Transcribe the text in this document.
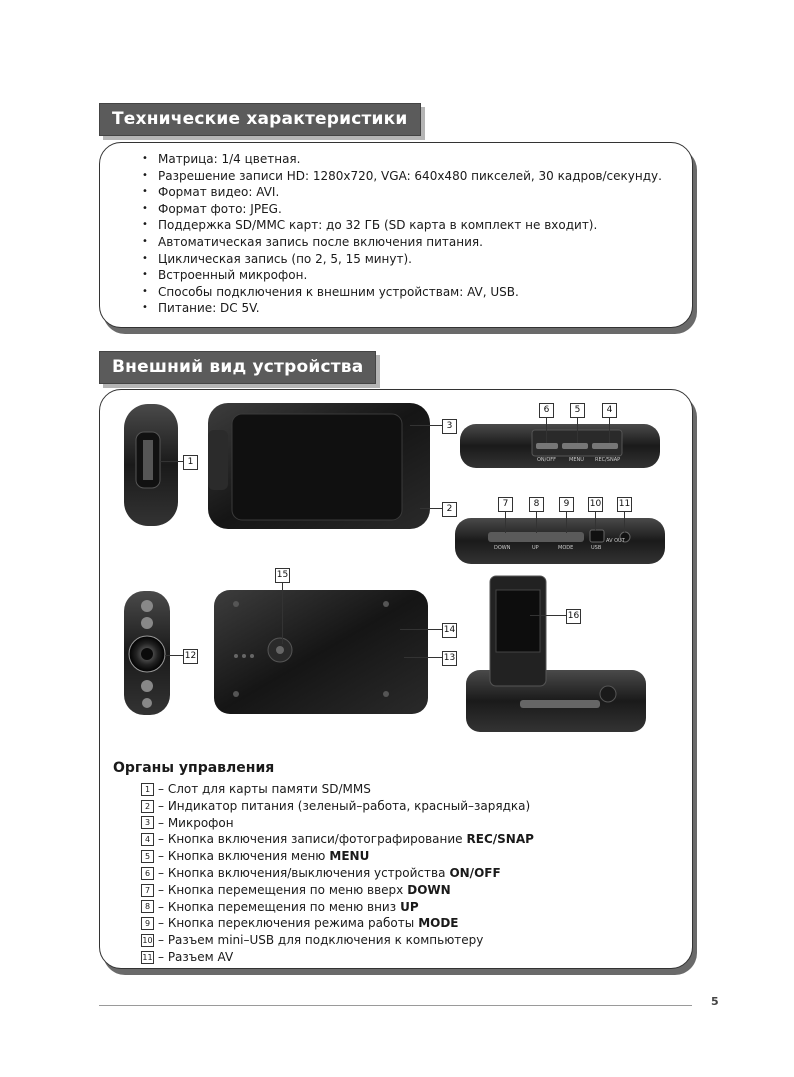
Технические характеристики
• Матрица: 1/4 цветная.
• Разрешение записи HD: 1280х720, VGA: 640х480 пикселей, 30 кадров/секунду.
• Формат видео: AVI.
• Формат фото: JPEG.
• Поддержка SD/MMC карт: до 32 ГБ (SD карта в комплект не входит).
• Автоматическая запись после включения питания.
• Циклическая запись (по 2, 5, 15 минут).
• Встроенный микрофон.
• Способы подключения к внешним устройствам: AV, USB.
• Питание: DC 5V.
Внешний вид устройства
ON/OFF	MENU REC/SNAP
DOWN	UP	MODE	USB
AV OUT
1
2
3
6	5	4
7	8	9	10 11
15
12
14
13
16
Органы управления
1 – Слот для карты памяти SD/MMS
2 – Индикатор питания (зеленый–работа, красный–зарядка)
3 – Микрофон
4 – Кнопка включения записи/фотографирование REC/SNAP
5 – Кнопка включения меню MENU
6 – Кнопка включения/выключения устройства ON/OFF
7 – Кнопка перемещения по меню вверх DOWN
8 – Кнопка перемещения по меню вниз UP
9 – Кнопка переключения режима работы MODE
10 – Разъем mini–USB для подключения к компьютеру
11 – Разъем AV
5
